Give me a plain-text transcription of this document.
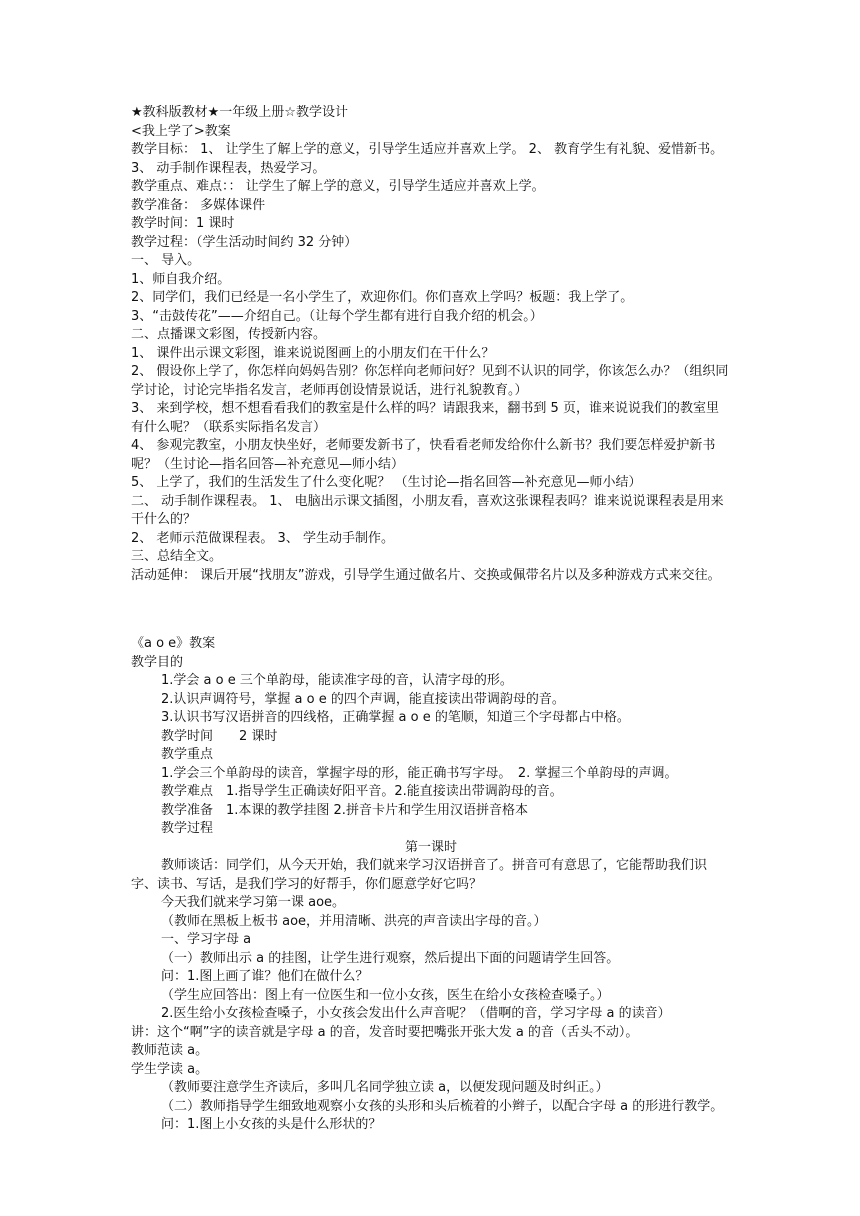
★教科版教材★一年级上册☆教学设计

<我上学了>教案

教学目标： 1、 让学生了解上学的意义，引导学生适应并喜欢上学。 2、 教育学生有礼貌、爱惜新书。

3、 动手制作课程表，热爱学习。

教学重点、难点：： 让学生了解上学的意义，引导学生适应并喜欢上学。

教学准备： 多媒体课件

教学时间：1 课时

教学过程：（学生活动时间约 32 分钟）

一、 导入。

1、师自我介绍。

2、同学们，我们已经是一名小学生了，欢迎你们。你们喜欢上学吗？板题：我上学了。

3、“击鼓传花”——介绍自己。（让每个学生都有进行自我介绍的机会。）

二、点播课文彩图，传授新内容。

1、 课件出示课文彩图，谁来说说图画上的小朋友们在干什么？

2、 假设你上学了，你怎样向妈妈告别？你怎样向老师问好？见到不认识的同学，你该怎么办？（组织同学讨论，讨论完毕指名发言，老师再创设情景说话，进行礼貌教育。）

3、 来到学校，想不想看看我们的教室是什么样的吗？请跟我来，翻书到 5 页，谁来说说我们的教室里有什么呢？（联系实际指名发言）

4、 参观完教室，小朋友快坐好，老师要发新书了，快看看老师发给你什么新书？我们要怎样爱护新书呢？（生讨论—指名回答—补充意见—师小结）

5、 上学了，我们的生活发生了什么变化呢？ （生讨论—指名回答—补充意见—师小结）

二、 动手制作课程表。 1、 电脑出示课文插图，小朋友看，喜欢这张课程表吗？谁来说说课程表是用来干什么的？

2、 老师示范做课程表。 3、 学生动手制作。

三、总结全文。

活动延伸： 课后开展“找朋友”游戏，引导学生通过做名片、交换或佩带名片以及多种游戏方式来交往。

《a o e》教案

教学目的

1.学会 a o e 三个单韵母，能读准字母的音，认清字母的形。

2.认识声调符号，掌握 a o e 的四个声调，能直接读出带调韵母的音。

3.认识书写汉语拼音的四线格，正确掌握 a o e 的笔顺，知道三个字母都占中格。

教学时间　　2 课时

教学重点

1.学会三个单韵母的读音，掌握字母的形，能正确书写字母。　2. 掌握三个单韵母的声调。

教学难点　1.指导学生正确读好阳平音。2.能直接读出带调韵母的音。

教学准备　1.本课的教学挂图 2.拼音卡片和学生用汉语拼音格本

教学过程

第一课时

教师谈话：同学们，从今天开始，我们就来学习汉语拼音了。拼音可有意思了，它能帮助我们识字、读书、写话，是我们学习的好帮手，你们愿意学好它吗？

今天我们就来学习第一课 aoe。

（教师在黑板上板书 aoe，并用清晰、洪亮的声音读出字母的音。）

一、学习字母 a

（一）教师出示 a 的挂图，让学生进行观察，然后提出下面的问题请学生回答。

问：1.图上画了谁？他们在做什么？

（学生应回答出：图上有一位医生和一位小女孩，医生在给小女孩检查嗓子。）

2.医生给小女孩检查嗓子，小女孩会发出什么声音呢？（借啊的音，学习字母 a 的读音）

讲：这个“啊”字的读音就是字母 a 的音，发音时要把嘴张开张大发 a 的音（舌头不动）。

教师范读 a。

学生学读 a。

（教师要注意学生齐读后，多叫几名同学独立读 a，以便发现问题及时纠正。）

（二）教师指导学生细致地观察小女孩的头形和头后梳着的小辫子，以配合字母 a 的形进行教学。

问：1.图上小女孩的头是什么形状的？
